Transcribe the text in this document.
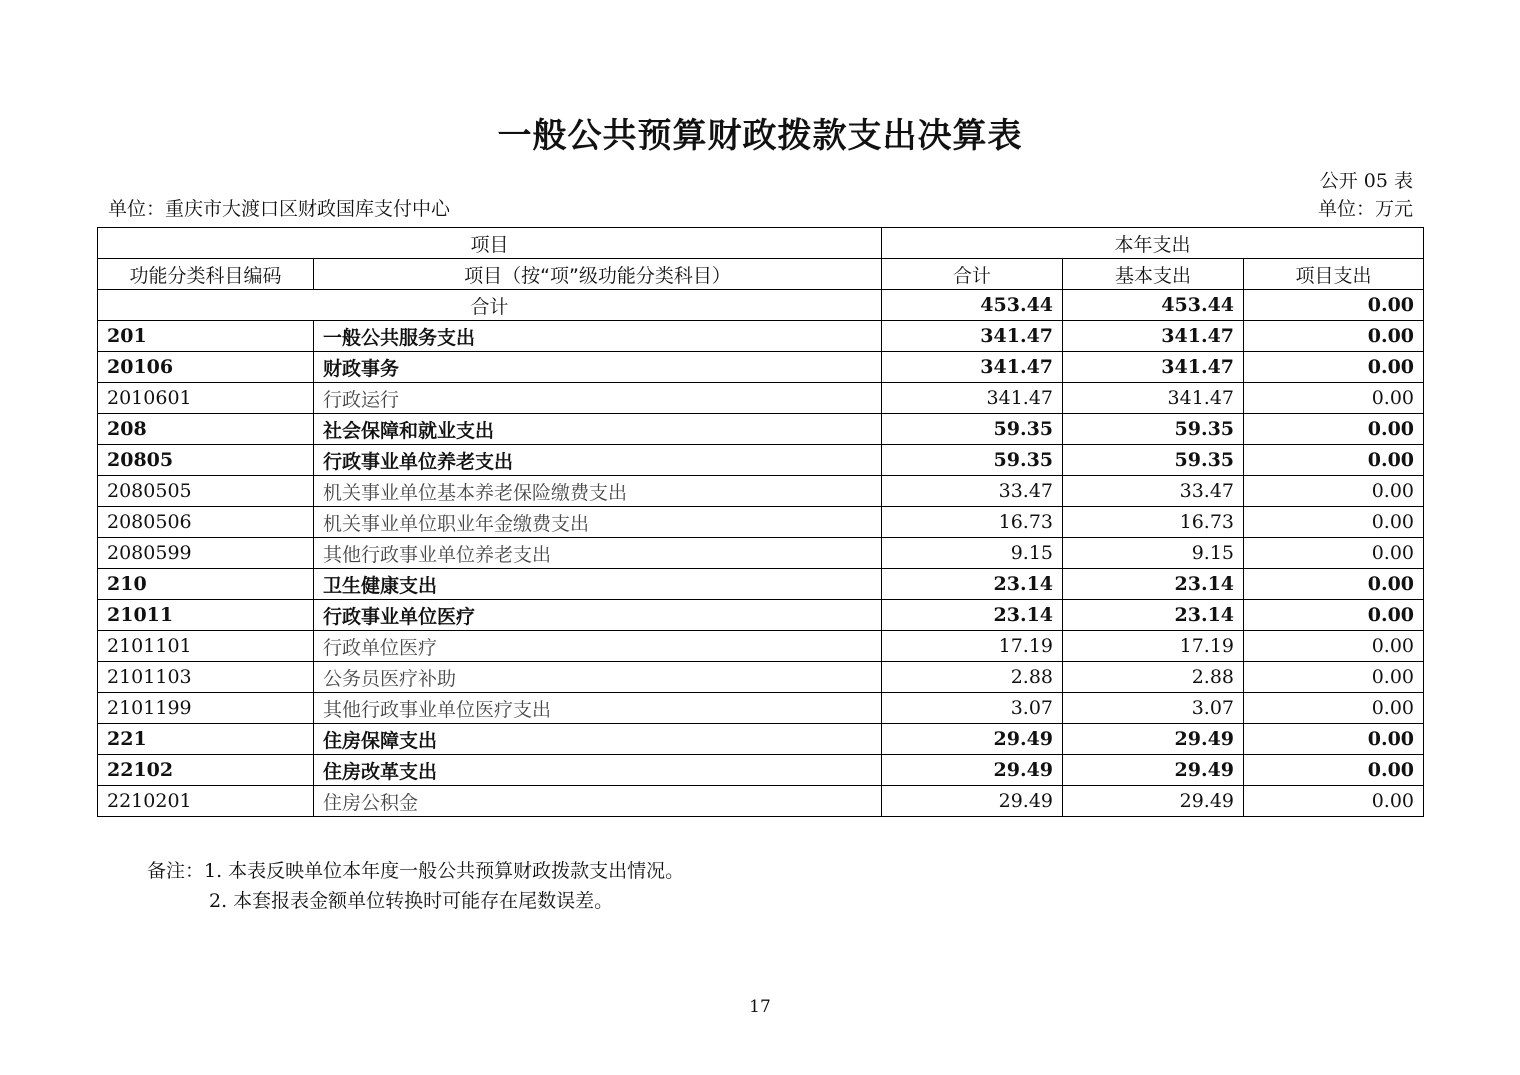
一般公共预算财政拨款支出决算表
公开 05 表
单位：重庆市大渡口区财政国库支付中心	单位：万元
项目		本年支出		
功能分类科目编码	项目（按“项”级功能分类科目）	合计	基本支出	项目支出
合计		453.44	453.44	0.00
201	一般公共服务支出	341.47	341.47	0.00
20106	财政事务	341.47	341.47	0.00
2010601	行政运行	341.47	341.47	0.00
208	社会保障和就业支出	59.35	59.35	0.00
20805	行政事业单位养老支出	59.35	59.35	0.00
2080505	机关事业单位基本养老保险缴费支出	33.47	33.47	0.00
2080506	机关事业单位职业年金缴费支出	16.73	16.73	0.00
2080599	其他行政事业单位养老支出	9.15	9.15	0.00
210	卫生健康支出	23.14	23.14	0.00
21011	行政事业单位医疗	23.14	23.14	0.00
2101101	行政单位医疗	17.19	17.19	0.00
2101103	公务员医疗补助	2.88	2.88	0.00
2101199	其他行政事业单位医疗支出	3.07	3.07	0.00
221	住房保障支出	29.49	29.49	0.00
22102	住房改革支出	29.49	29.49	0.00
2210201	住房公积金	29.49	29.49	0.00
备注：1. 本表反映单位本年度一般公共预算财政拨款支出情况。
2. 本套报表金额单位转换时可能存在尾数误差。
17
